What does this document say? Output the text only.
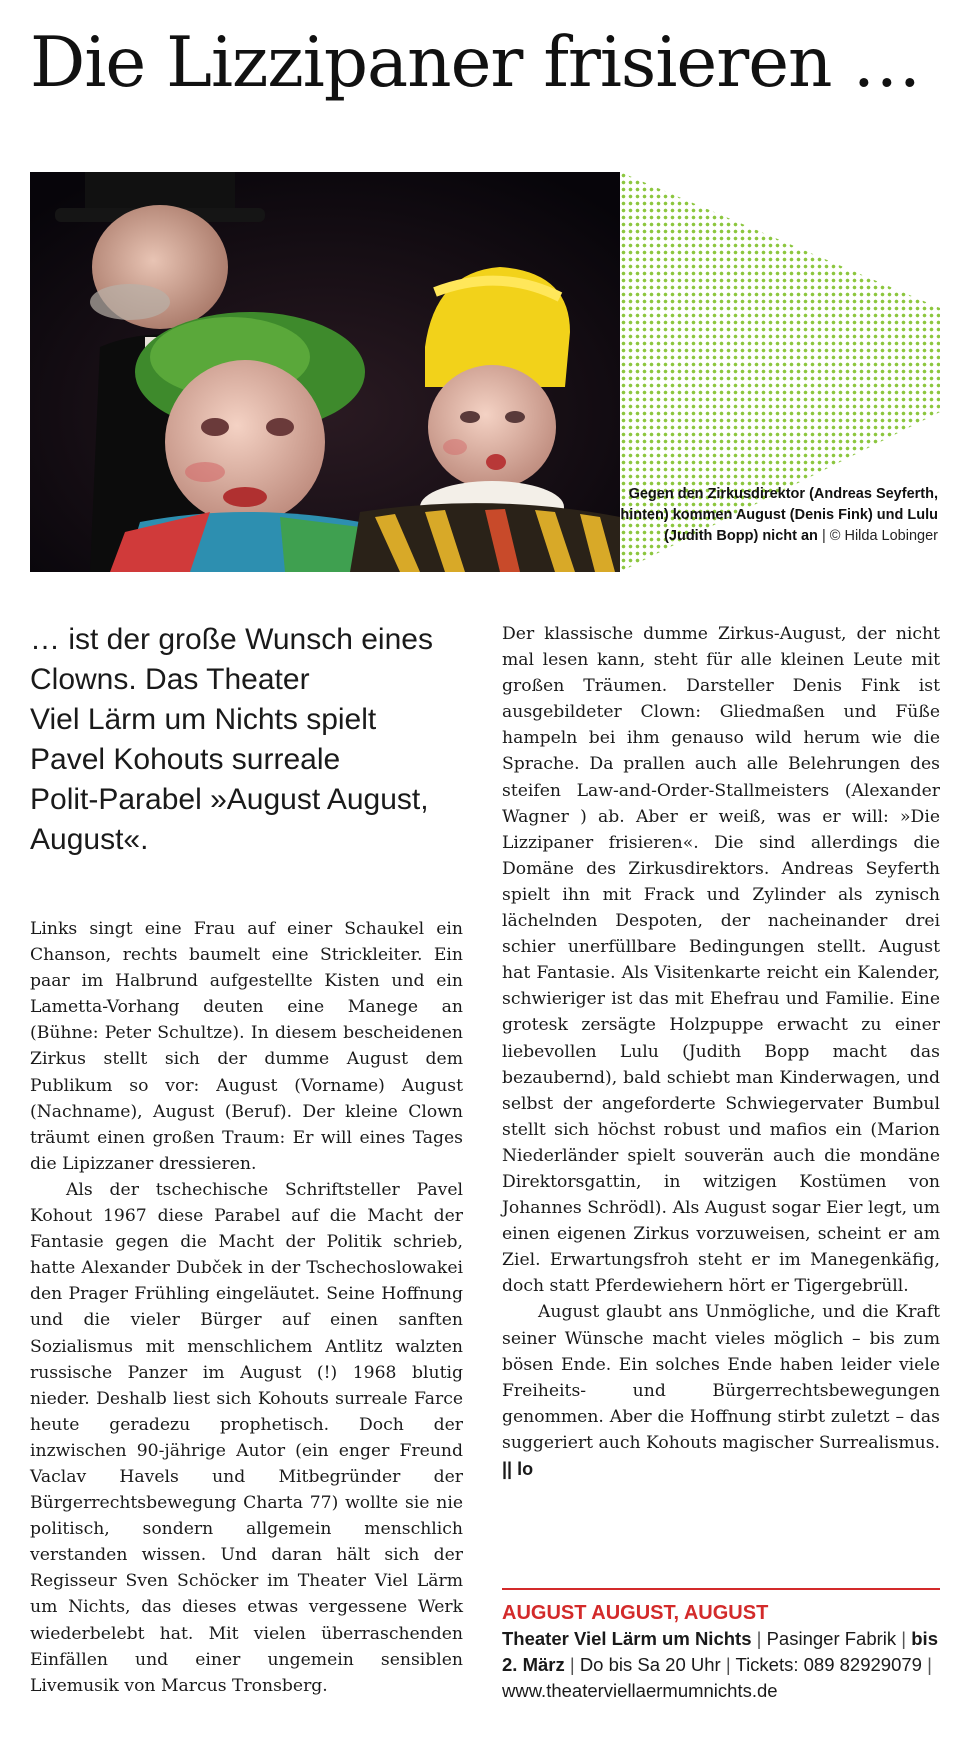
Die Lizzipaner frisieren …
Gegen den Zirkusdirektor (Andreas Seyferth, hinten) kommen August (Denis Fink) und Lulu (Judith Bopp) nicht an | © Hilda Lobinger

… ist der große Wunsch eines
Clowns. Das Theater
Viel Lärm um Nichts spielt
Pavel Kohouts surreale
Polit-Parabel »August August,
August«.

Links singt eine Frau auf einer Schaukel ein Chanson, rechts baumelt eine Strickleiter. Ein paar im Halbrund aufgestellte Kisten und ein Lametta-Vorhang deuten eine Manege an (Bühne: Peter Schultze). In diesem bescheidenen Zirkus stellt sich der dumme August dem Publikum so vor: August (Vorname) August (Nachname), August (Beruf). Der kleine Clown träumt einen großen Traum: Er will eines Tages die Lipizzaner dressieren.

Als der tschechische Schriftsteller Pavel Kohout 1967 diese Parabel auf die Macht der Fantasie gegen die Macht der Politik schrieb, hatte Alexander Dubček in der Tschechoslowakei den Prager Frühling eingeläutet. Seine Hoffnung und die vieler Bürger auf einen sanften Sozialismus mit menschlichem Antlitz walzten russische Panzer im August (!) 1968 blutig nieder. Deshalb liest sich Kohouts surreale Farce heute geradezu prophetisch. Doch der inzwischen 90-jährige Autor (ein enger Freund Vaclav Havels und Mitbegründer der Bürgerrechtsbewegung Charta 77) wollte sie nie politisch, sondern allgemein menschlich verstanden wissen. Und daran hält sich der Regisseur Sven Schöcker im Theater Viel Lärm um Nichts, das dieses etwas vergessene Werk wiederbelebt hat. Mit vielen überraschenden Einfällen und einer ungemein sensiblen Livemusik von Marcus Tronsberg.

Der klassische dumme Zirkus-August, der nicht mal lesen kann, steht für alle kleinen Leute mit großen Träumen. Darsteller Denis Fink ist ausgebildeter Clown: Gliedmaßen und Füße hampeln bei ihm genauso wild herum wie die Sprache. Da prallen auch alle Belehrungen des steifen Law-and-Order-Stallmeisters (Alexander Wagner ) ab. Aber er weiß, was er will: »Die Lizzipaner frisieren«. Die sind allerdings die Domäne des Zirkusdirektors. Andreas Seyferth spielt ihn mit Frack und Zylinder als zynisch lächelnden Despoten, der nacheinander drei schier unerfüllbare Bedingungen stellt. August hat Fantasie. Als Visitenkarte reicht ein Kalender, schwieriger ist das mit Ehefrau und Familie. Eine grotesk zersägte Holzpuppe erwacht zu einer liebevollen Lulu (Judith Bopp macht das bezaubernd), bald schiebt man Kinderwagen, und selbst der angeforderte Schwiegervater Bumbul stellt sich höchst robust und mafios ein (Marion Niederländer spielt souverän auch die mondäne Direktorsgattin, in witzigen Kostümen von Johannes Schrödl). Als August sogar Eier legt, um einen eigenen Zirkus vorzuweisen, scheint er am Ziel. Erwartungsfroh steht er im Manegenkäfig, doch statt Pferdewiehern hört er Tigergebrüll.

August glaubt ans Unmögliche, und die Kraft seiner Wünsche macht vieles möglich – bis zum bösen Ende. Ein solches Ende haben leider viele Freiheits- und Bürgerrechtsbewegungen genommen. Aber die Hoffnung stirbt zuletzt – das suggeriert auch Kohouts magischer Surrealismus. || lo

AUGUST AUGUST, AUGUST
Theater Viel Lärm um Nichts | Pasinger Fabrik | bis 2. März | Do bis Sa 20 Uhr | Tickets: 089 82929079 | www.theaterviellaermumnichts.de
